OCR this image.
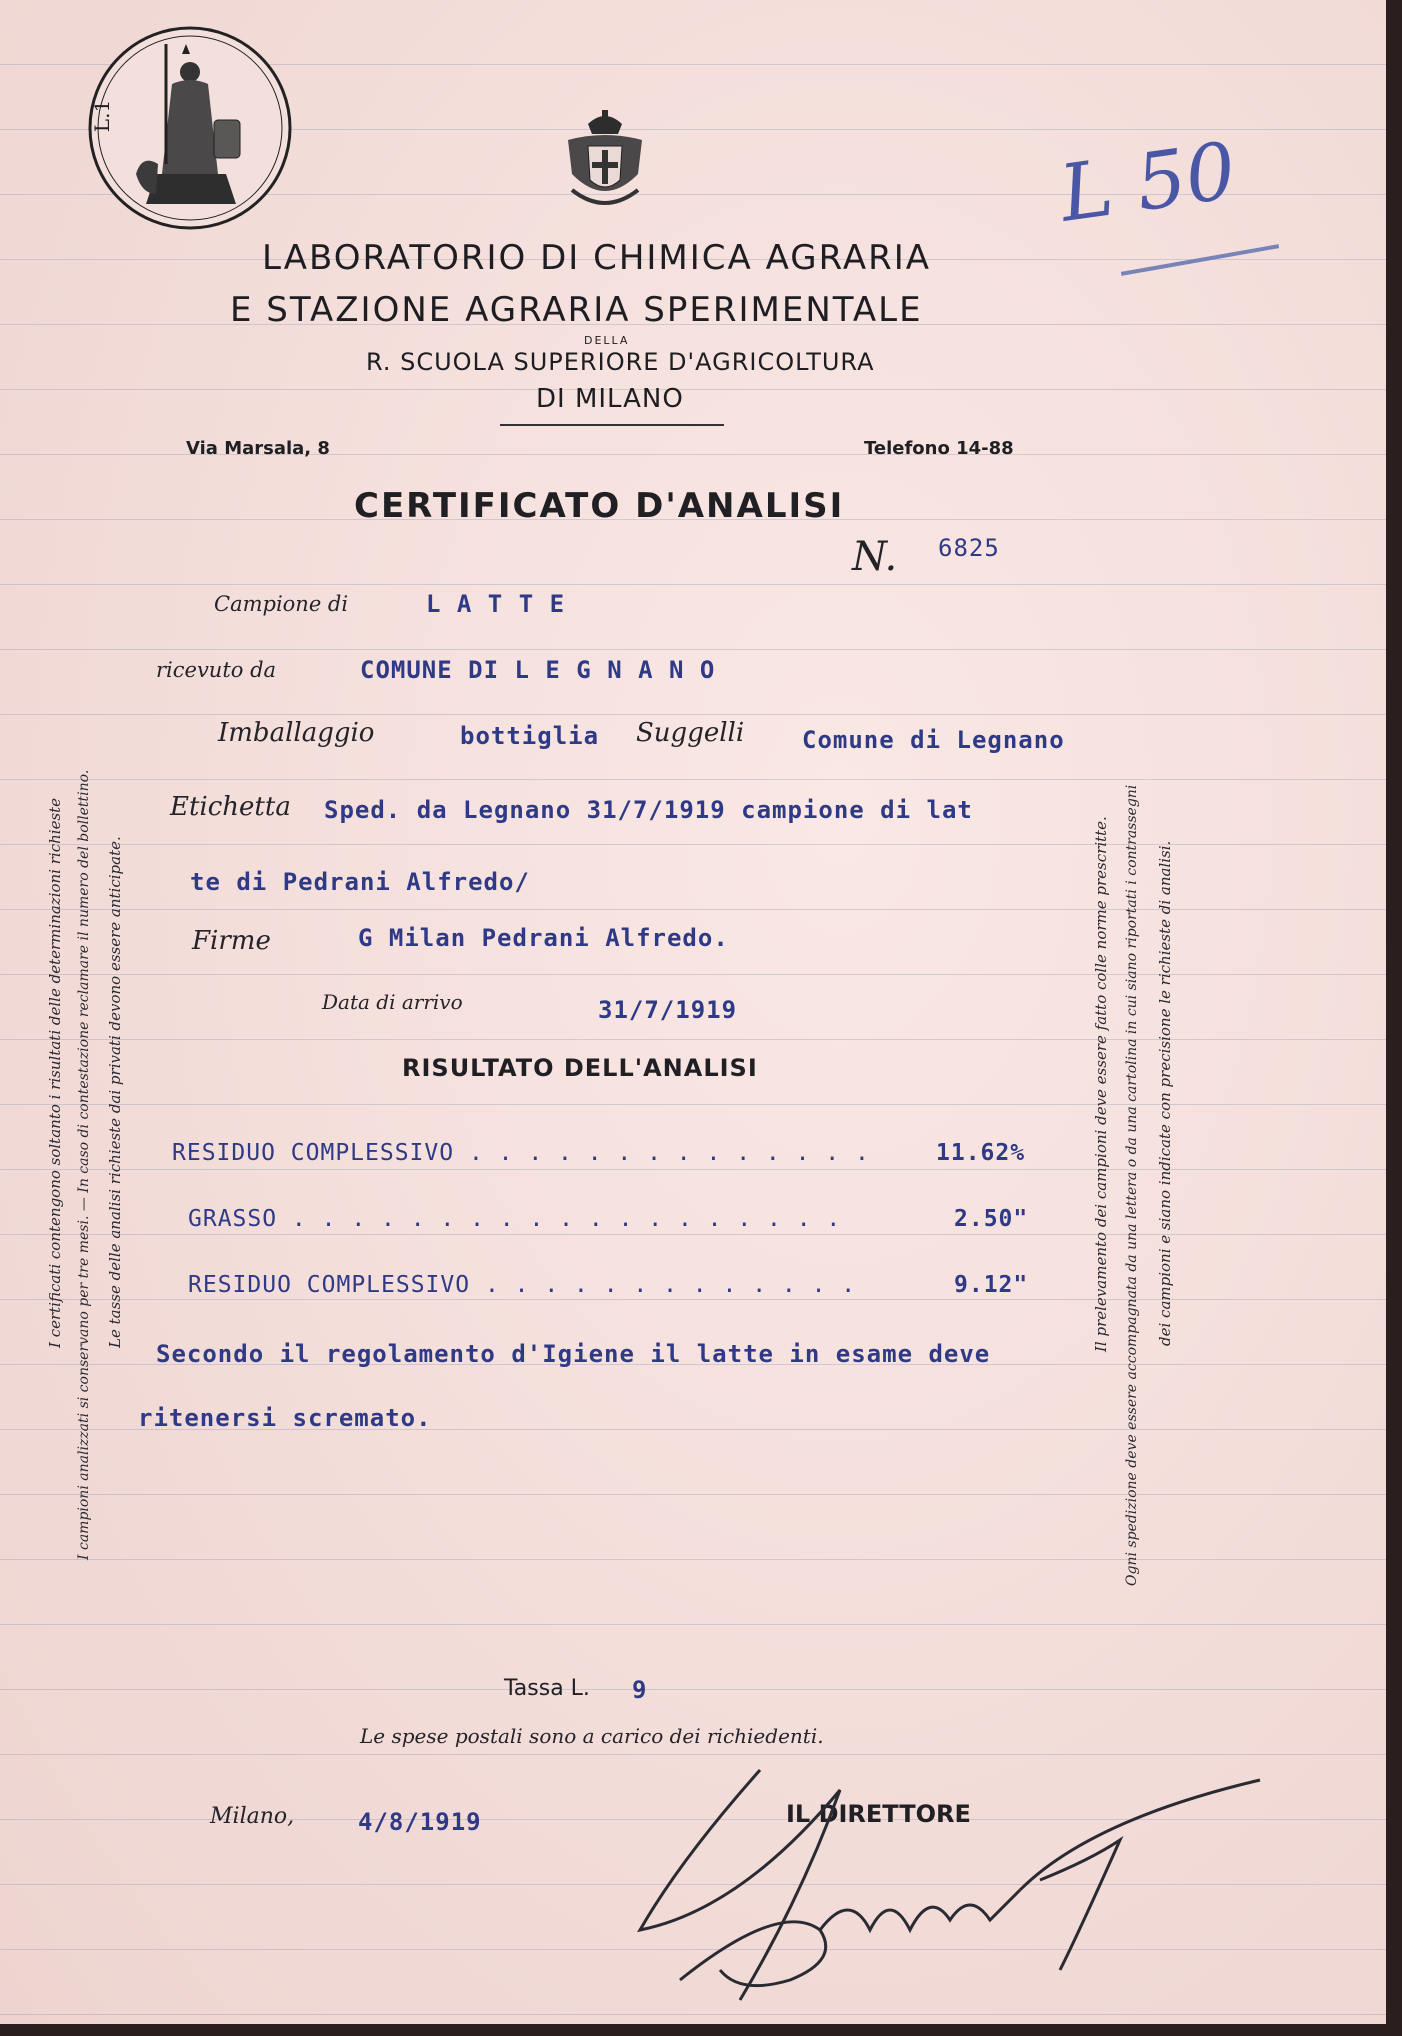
L.1
L 50
LABORATORIO DI CHIMICA AGRARIA
E STAZIONE AGRARIA SPERIMENTALE
DELLA
R. SCUOLA SUPERIORE D'AGRICOLTURA
DI MILANO
Via Marsala, 8	Telefono 14-88
CERTIFICATO D'ANALISI
N. 6825
Campione di	L A T T E
ricevuto da	COMUNE DI L E G N A N O
Imballaggio	bottiglia Suggelli Comune di Legnano
Etichetta Sped. da Legnano 31/7/1919 campione di lat
te di Pedrani Alfredo/
Firme	G Milan Pedrani Alfredo.
Data di arrivo	31/7/1919
RISULTATO DELL'ANALISI
RESIDUO COMPLESSIVO . . . . . . . . . . . . . .	11.62%
GRASSO . . . . . . . . . . . . . . . . . . .	2.50"
RESIDUO COMPLESSIVO . . . . . . . . . . . . .	9.12"
Secondo il regolamento d'Igiene il latte in esame deve
ritenersi scremato.
I certificati contengono soltanto i risultati delle determinazioni richieste I campioni analizzati si conservano per tre mesi. — In caso di contestazione reclamare il numero del bollettino. Le tasse delle analisi richieste dai privati devono essere anticipate.	Il prelevamento dei campioni deve essere fatto colle norme prescritte. Ogni spedizione deve essere accompagnata da una lettera o da una cartolina in cui siano riportati i contrassegni dei campioni e siano indicate con precisione le richieste di analisi.
Tassa L. 9
Le spese postali sono a carico dei richiedenti.
Milano,	4/8/1919	IL DIRETTORE
